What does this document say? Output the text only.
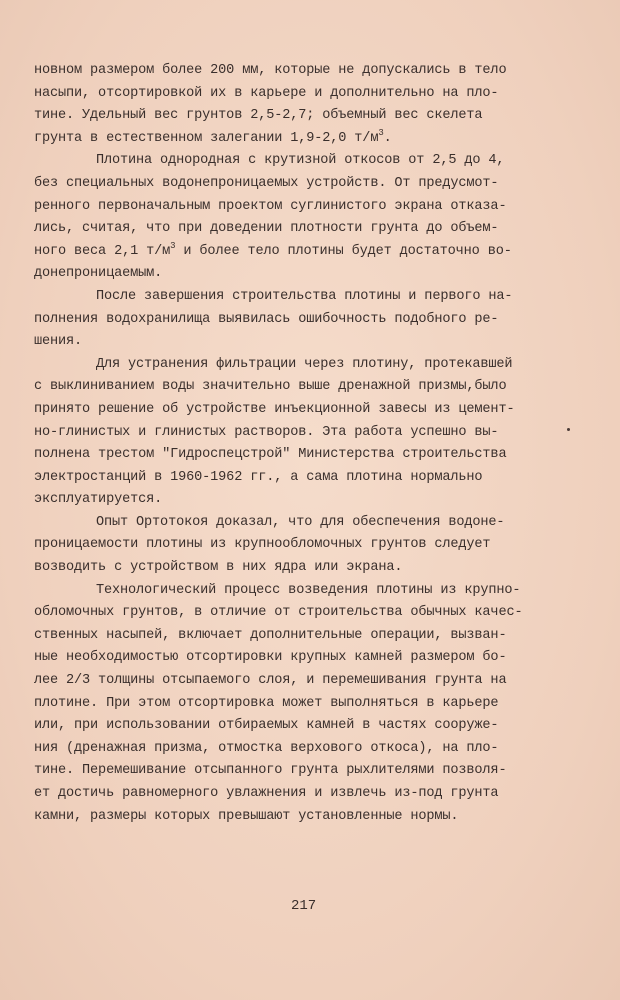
новном размером более 200 мм, которые не допускались в тело
насыпи, отсортировкой их в карьере и дополнительно на пло-
тине. Удельный вес грунтов 2,5-2,7; объемный вес скелета
грунта в естественном залегании 1,9-2,0 $т/м^3$.
Плотина однородная с крутизной откосов от 2,5 до 4,
без специальных водонепроницаемых устройств. От предусмот-
ренного первоначальным проектом суглинистого экрана отказа-
лись, считая, что при доведении плотности грунта до объем-
ного веса 2,1 $т/м^3$ и более тело плотины будет достаточно во-
донепроницаемым.
После завершения строительства плотины и первого на-
полнения водохранилища выявилась ошибочность подобного ре-
шения.
Для устранения фильтрации через плотину, протекавшей
с выклиниванием воды значительно выше дренажной призмы,было
принято решение об устройстве инъекционной завесы из цемент-
но-глинистых и глинистых растворов. Эта работа успешно вы-
полнена трестом "Гидроспецстрой" Министерства строительства
электростанций в 1960-1962 гг., а сама плотина нормально
эксплуатируется.
Опыт Ортотокоя доказал, что для обеспечения водоне-
проницаемости плотины из крупнообломочных грунтов следует
возводить с устройством в них ядра или экрана.
Технологический процесс возведения плотины из крупно-
обломочных грунтов, в отличие от строительства обычных качес-
ственных насыпей, включает дополнительные операции, вызван-
ные необходимостью отсортировки крупных камней размером бо-
лее 2/3 толщины отсыпаемого слоя, и перемешивания грунта на
плотине. При этом отсортировка может выполняться в карьере
или, при использовании отбираемых камней в частях сооруже-
ния (дренажная призма, отмостка верхового откоса), на пло-
тине. Перемешивание отсыпанного грунта рыхлителями позволя-
ет достичь равномерного увлажнения и извлечь из-под грунта
камни, размеры которых превышают установленные нормы.
217
